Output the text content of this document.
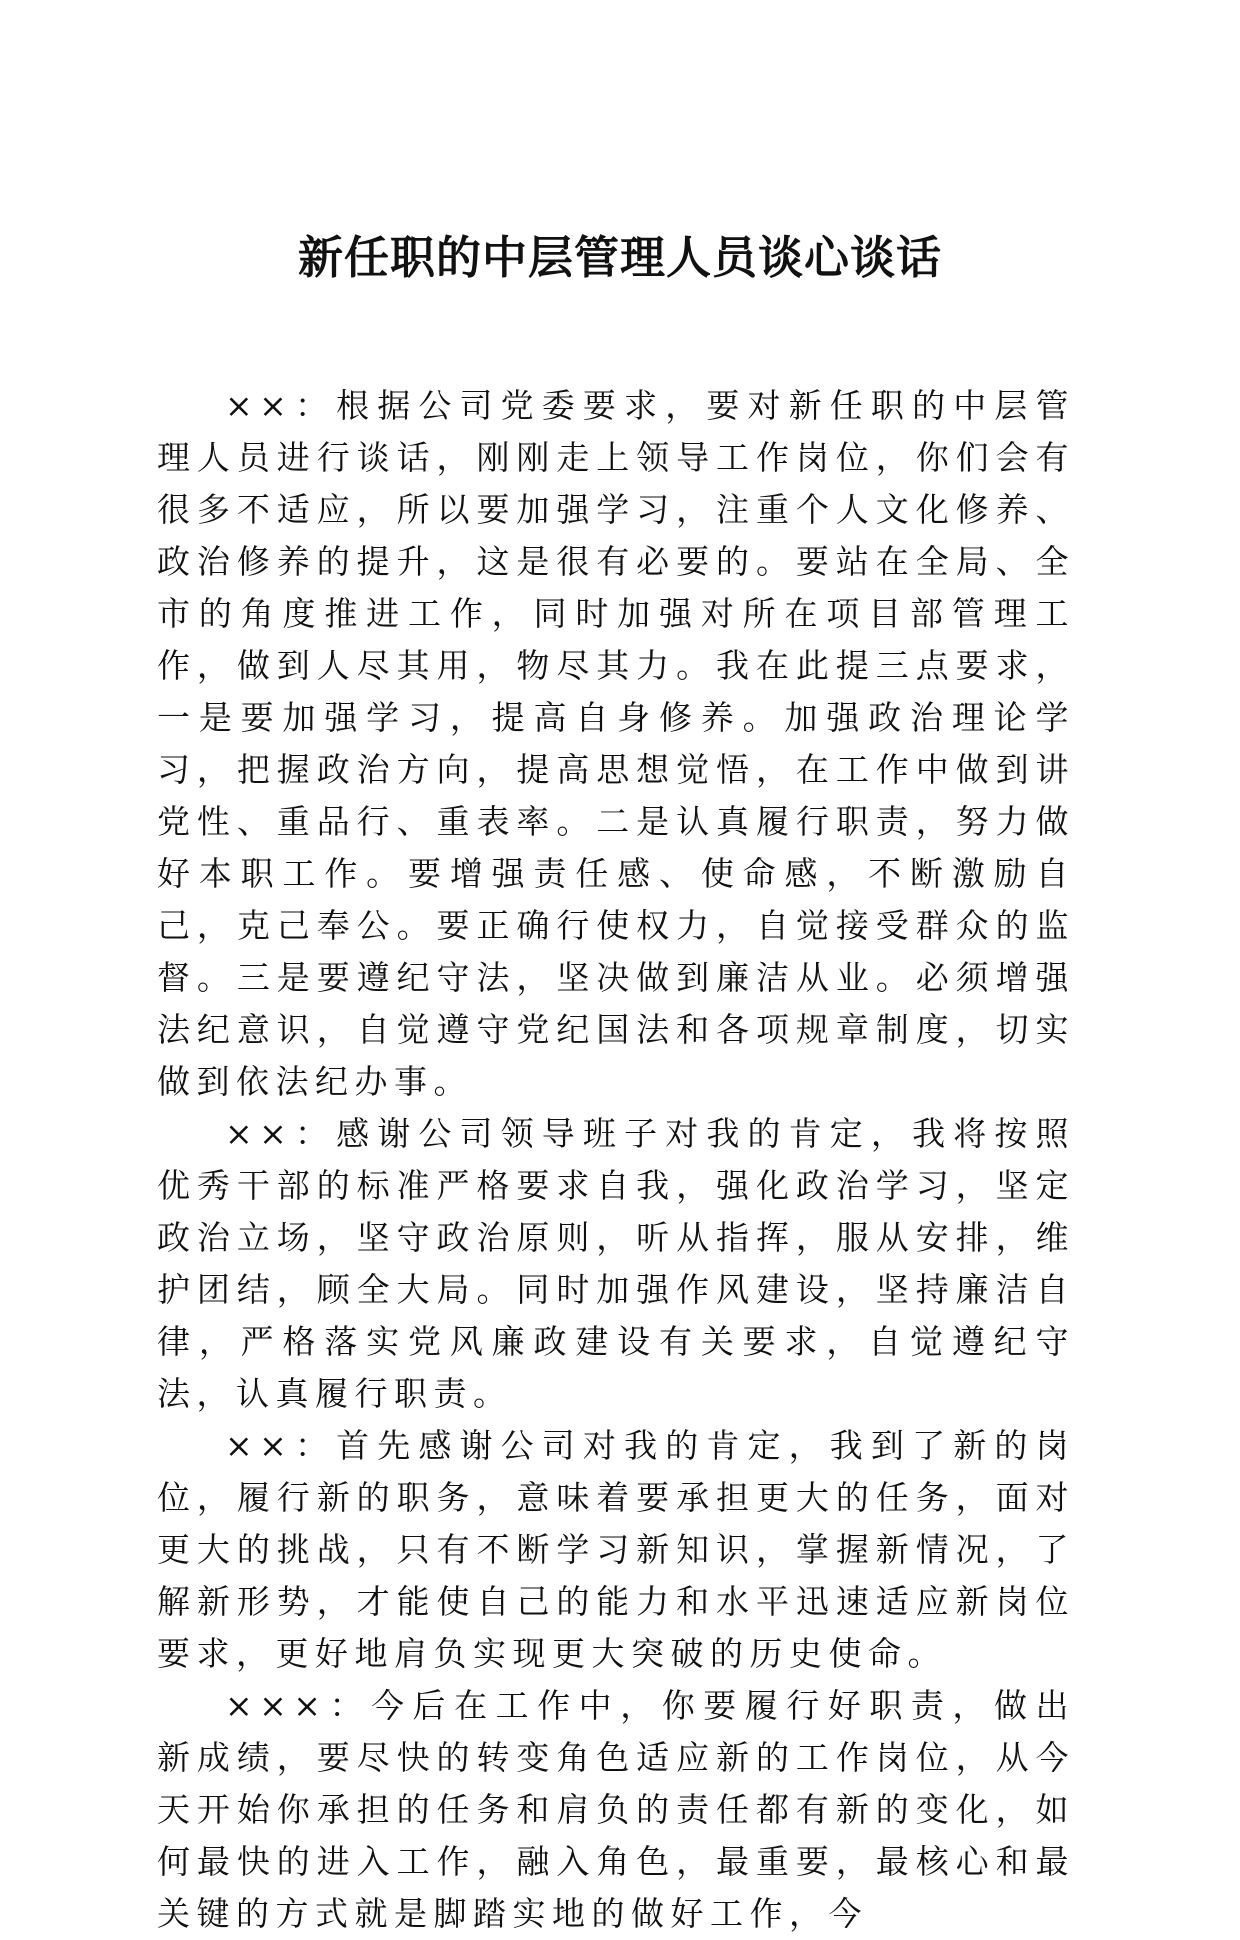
新任职的中层管理人员谈心谈话

××：根据公司党委要求，要对新任职的中层管理人员进行谈话，刚刚走上领导工作岗位，你们会有很多不适应，所以要加强学习，注重个人文化修养、政治修养的提升，这是很有必要的。要站在全局、全市的角度推进工作，同时加强对所在项目部管理工作，做到人尽其用，物尽其力。我在此提三点要求，一是要加强学习，提高自身修养。加强政治理论学习，把握政治方向，提高思想觉悟，在工作中做到讲党性、重品行、重表率。二是认真履行职责，努力做好本职工作。要增强责任感、使命感，不断激励自己，克己奉公。要正确行使权力，自觉接受群众的监督。三是要遵纪守法，坚决做到廉洁从业。必须增强法纪意识，自觉遵守党纪国法和各项规章制度，切实做到依法纪办事。

××：感谢公司领导班子对我的肯定，我将按照优秀干部的标准严格要求自我，强化政治学习，坚定政治立场，坚守政治原则，听从指挥，服从安排，维护团结，顾全大局。同时加强作风建设，坚持廉洁自律，严格落实党风廉政建设有关要求，自觉遵纪守法，认真履行职责。

××：首先感谢公司对我的肯定，我到了新的岗位，履行新的职务，意味着要承担更大的任务，面对更大的挑战，只有不断学习新知识，掌握新情况，了解新形势，才能使自己的能力和水平迅速适应新岗位要求，更好地肩负实现更大突破的历史使命。

×××：今后在工作中，你要履行好职责，做出新成绩，要尽快的转变角色适应新的工作岗位，从今天开始你承担的任务和肩负的责任都有新的变化，如何最快的进入工作，融入角色，最重要，最核心和最关键的方式就是脚踏实地的做好工作，今
